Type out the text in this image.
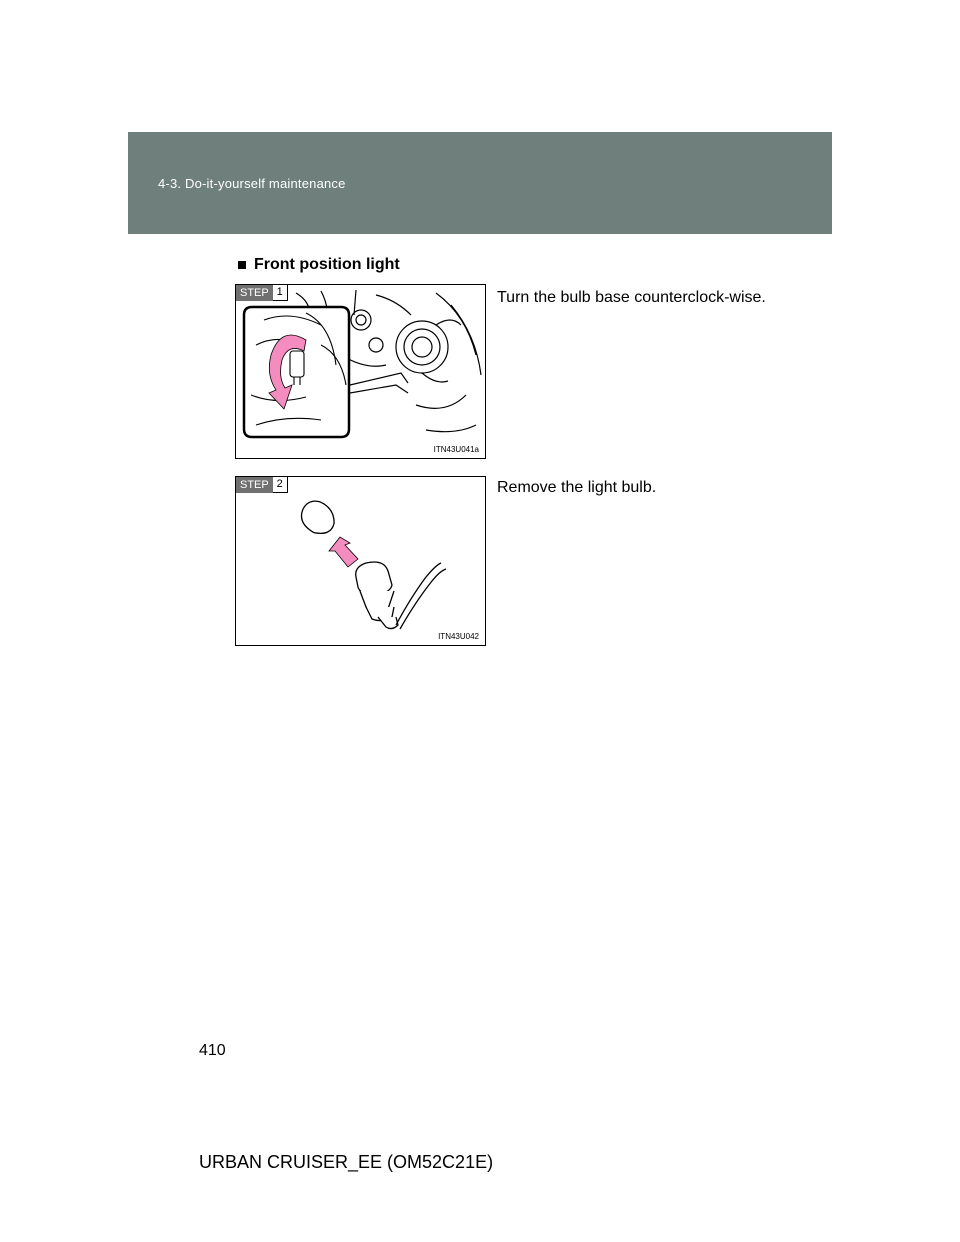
4-3. Do-it-yourself maintenance
Front position light
STEP 1
ITN43U041a
Turn the bulb base counterclock-wise.
STEP 2
ITN43U042
Remove the light bulb.
410
URBAN CRUISER_EE (OM52C21E)
